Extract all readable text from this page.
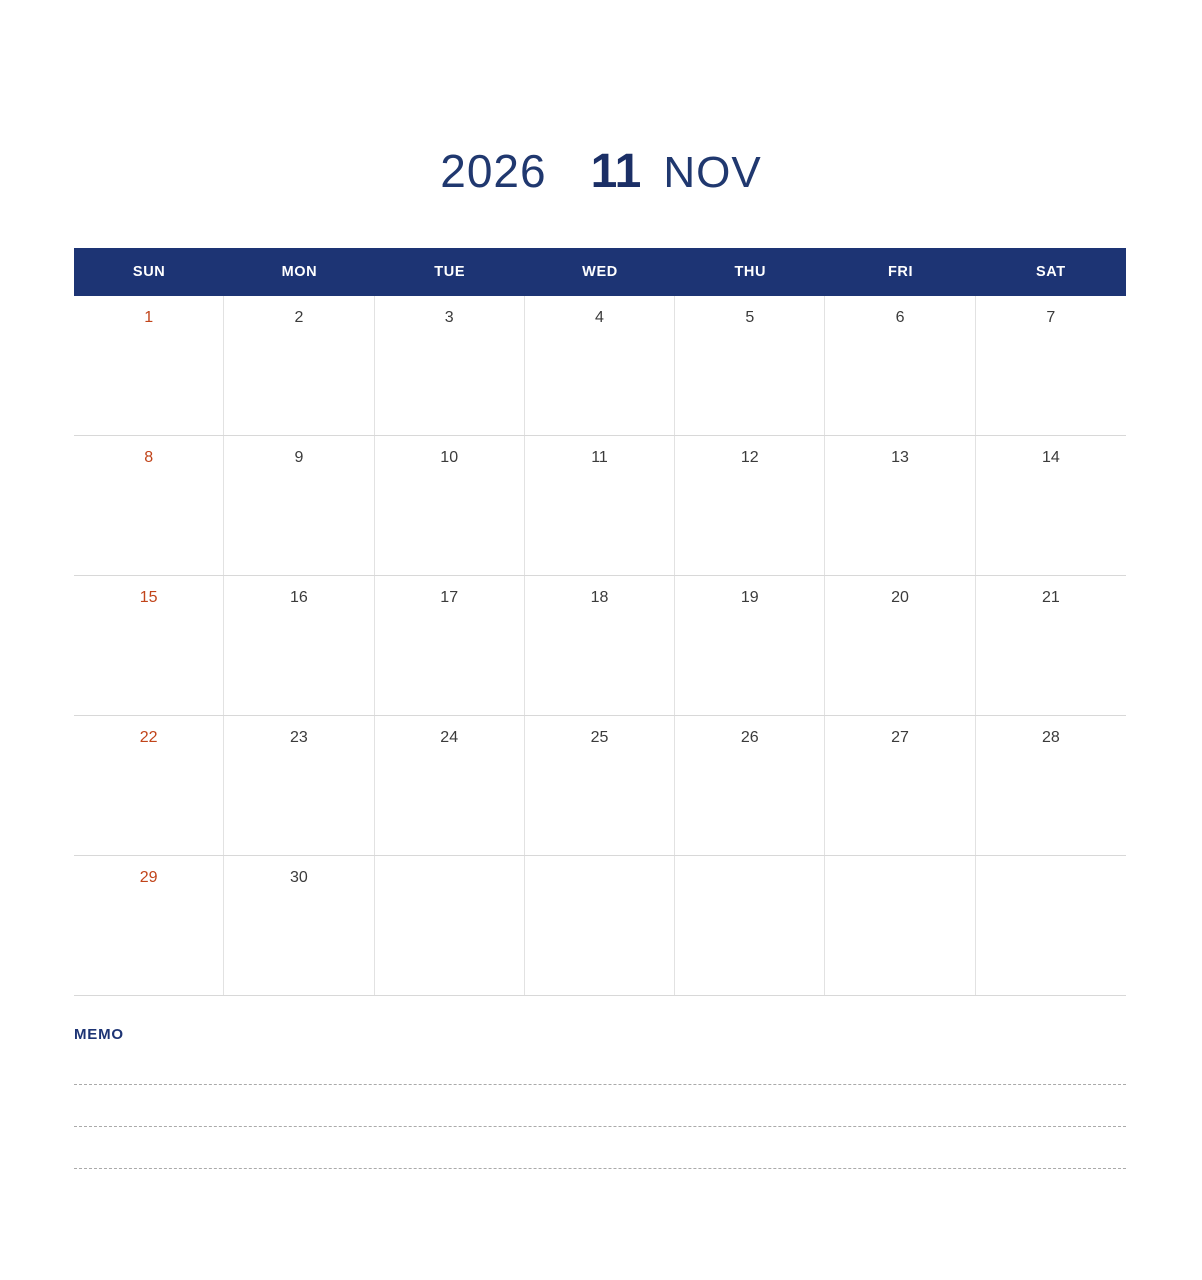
2026 11 NOV
SUN	MON	TUE	WED	THU	FRI	SAT
1	2	3	4	5	6	7
8	9	10	11	12	13	14
15	16	17	18	19	20	21
22	23	24	25	26	27	28
29	30
MEMO
